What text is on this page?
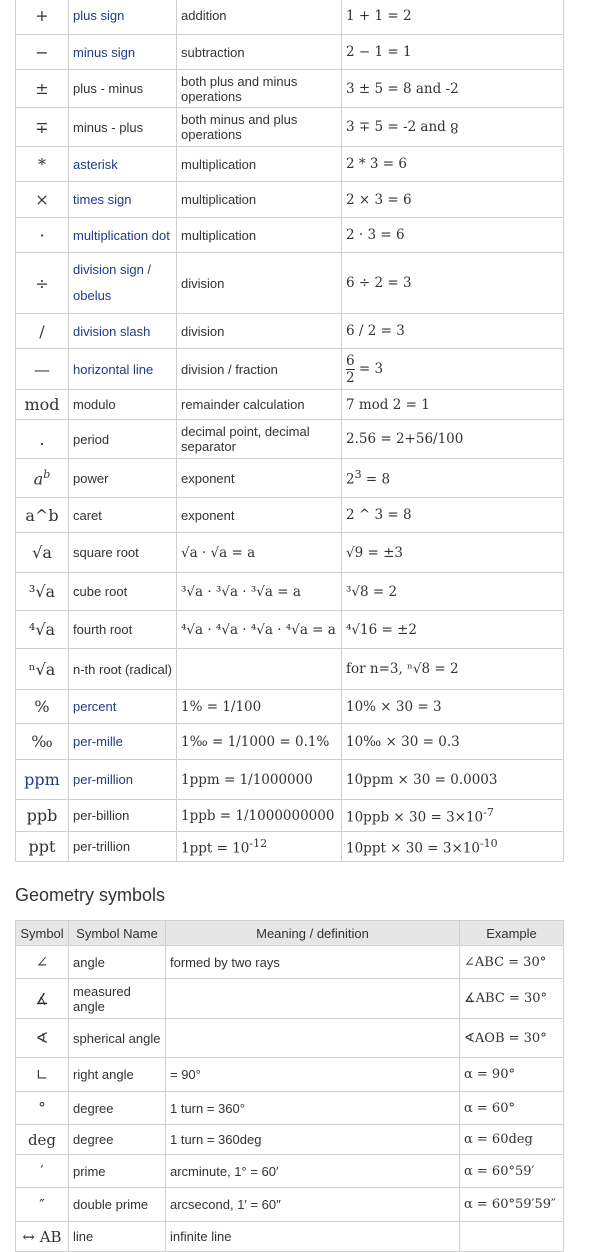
+	plus sign	addition	1 + 1 = 2
−	minus sign	subtraction	2 − 1 = 1
±	plus - minus	both plus and minus operations	3 ± 5 = 8 and -2
∓	minus - plus	both minus and plus operations	3 ∓ 5 = -2 and 8
*	asterisk	multiplication	2 * 3 = 6
×	times sign	multiplication	2 × 3 = 6
·	multiplication dot	multiplication	2 · 3 = 6
÷	division sign / obelus	division	6 ÷ 2 = 3
/	division slash	division	6 / 2 = 3
—	horizontal line	division / fraction	$\frac{6}{2} = 3$
mod	modulo	remainder calculation	7 mod 2 = 1
.	period	decimal point, decimal separator	2.56 = 2+56/100
$a^b$	power	exponent	$2^3 = 8$
a^b	caret	exponent	2 ^ 3 = 8
√a	square root	√a · √a = a	√9 = ±3
³√a	cube root	³√a · ³√a · ³√a = a	³√8 = 2
⁴√a	fourth root	⁴√a · ⁴√a · ⁴√a · ⁴√a = a	⁴√16 = ±2
ⁿ√a	n-th root (radical)		for n=3, ⁿ√8 = 2
%	percent	1% = 1/100	10% × 30 = 3
‰	per-mille	1‰ = 1/1000 = 0.1%	10‰ × 30 = 0.3
ppm	per-million	1ppm = 1/1000000	10ppm × 30 = 0.0003
ppb	per-billion	1ppb = 1/1000000000	$10ppb \times 30 = 3\times 10^{-7}$
ppt	per-trillion	$1ppt = 10^{-12}$	$10ppt \times 30 = 3\times 10^{-10}$
Geometry symbols
Symbol	Symbol Name	Meaning / definition	Example
∠	angle	formed by two rays	∠ABC = 30°
∡	measured angle		∡ABC = 30°
∢	spherical angle		∢AOB = 30°
∟	right angle	= 90°	α = 90°
°	degree	1 turn = 360°	α = 60°
deg	degree	1 turn = 360deg	α = 60deg
′	prime	arcminute, 1° = 60′	α = 60°59′
″	double prime	arcsecond, 1′ = 60″	α = 60°59′59″
↔ AB	line	infinite line	
